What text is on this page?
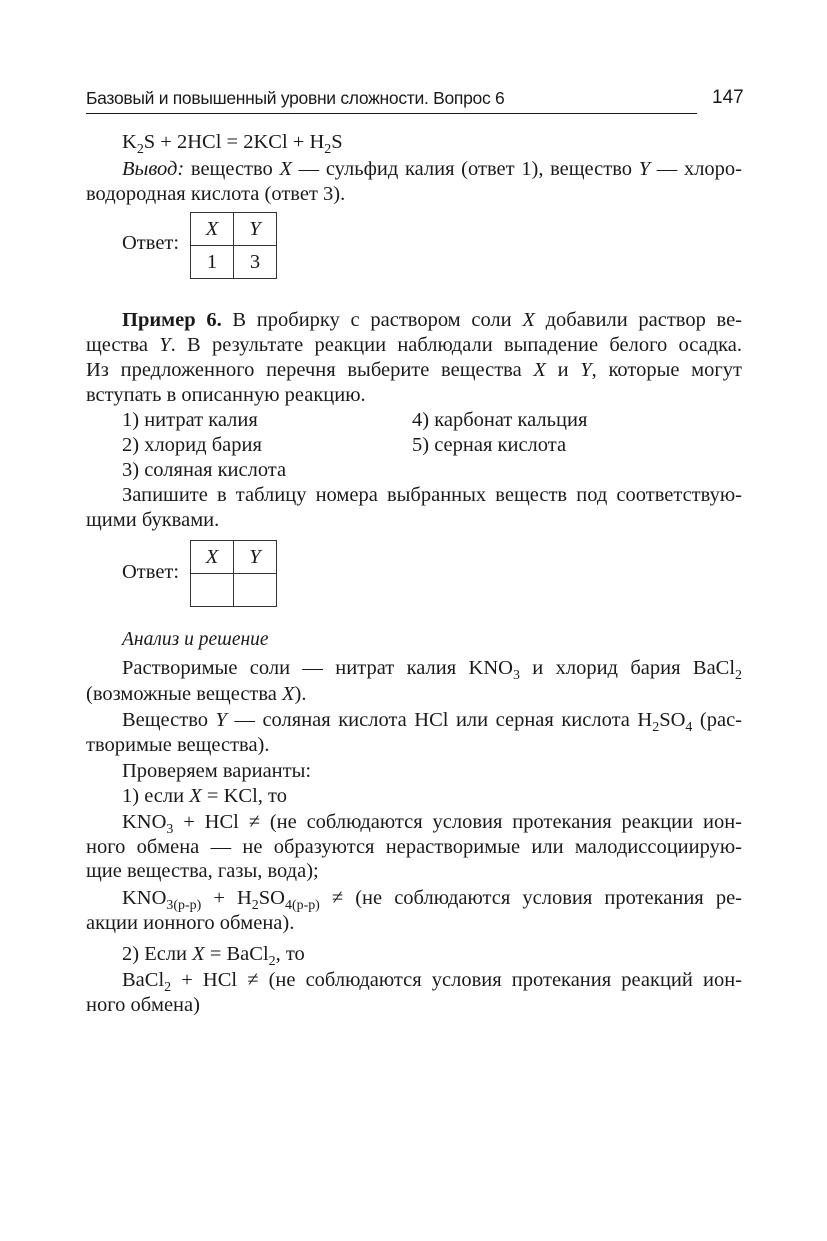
Базовый и повышенный уровни сложности. Вопрос 6	147
$K_2S + 2HCl = 2KCl + H_2S$
Вывод: вещество X — сульфид калия (ответ 1), вещество Y — хлоро-
водородная кислота (ответ 3).
Ответ:
X	Y
1	3
Пример 6. В пробирку с раствором соли X добавили раствор ве-
щества Y. В результате реакции наблюдали выпадение белого осадка.
Из предложенного перечня выберите вещества X и Y, которые могут
вступать в описанную реакцию.
1) нитрат калия
2) хлорид бария
3) соляная кислота
4) карбонат кальция
5) серная кислота
Запишите в таблицу номера выбранных веществ под соответствую-
щими буквами.
Ответ:
X	Y

Анализ и решение
Растворимые соли — нитрат калия $KNO_3$ и хлорид бария BaCl$_2$
(возможные вещества X).
Вещество Y — соляная кислота HCl или серная кислота $H_2SO_4$ (рас-
творимые вещества).
Проверяем варианты:
1) если X = KCl, то
$KNO_3$ + HCl ≠ (не соблюдаются условия протекания реакции ион-
ного обмена — не образуются нерастворимые или малодиссоциирую-
щие вещества, газы, вода);
$KNO_{3(р-р)} + H_2SO_{4(р-р)} \ne (не$ соблюдаются условия протекания ре-
акции ионного обмена).
2) Если X = BaCl$_2$, то
BaCl$_2$ + HCl ≠ (не соблюдаются условия протекания реакций ион-
ного обмена)
